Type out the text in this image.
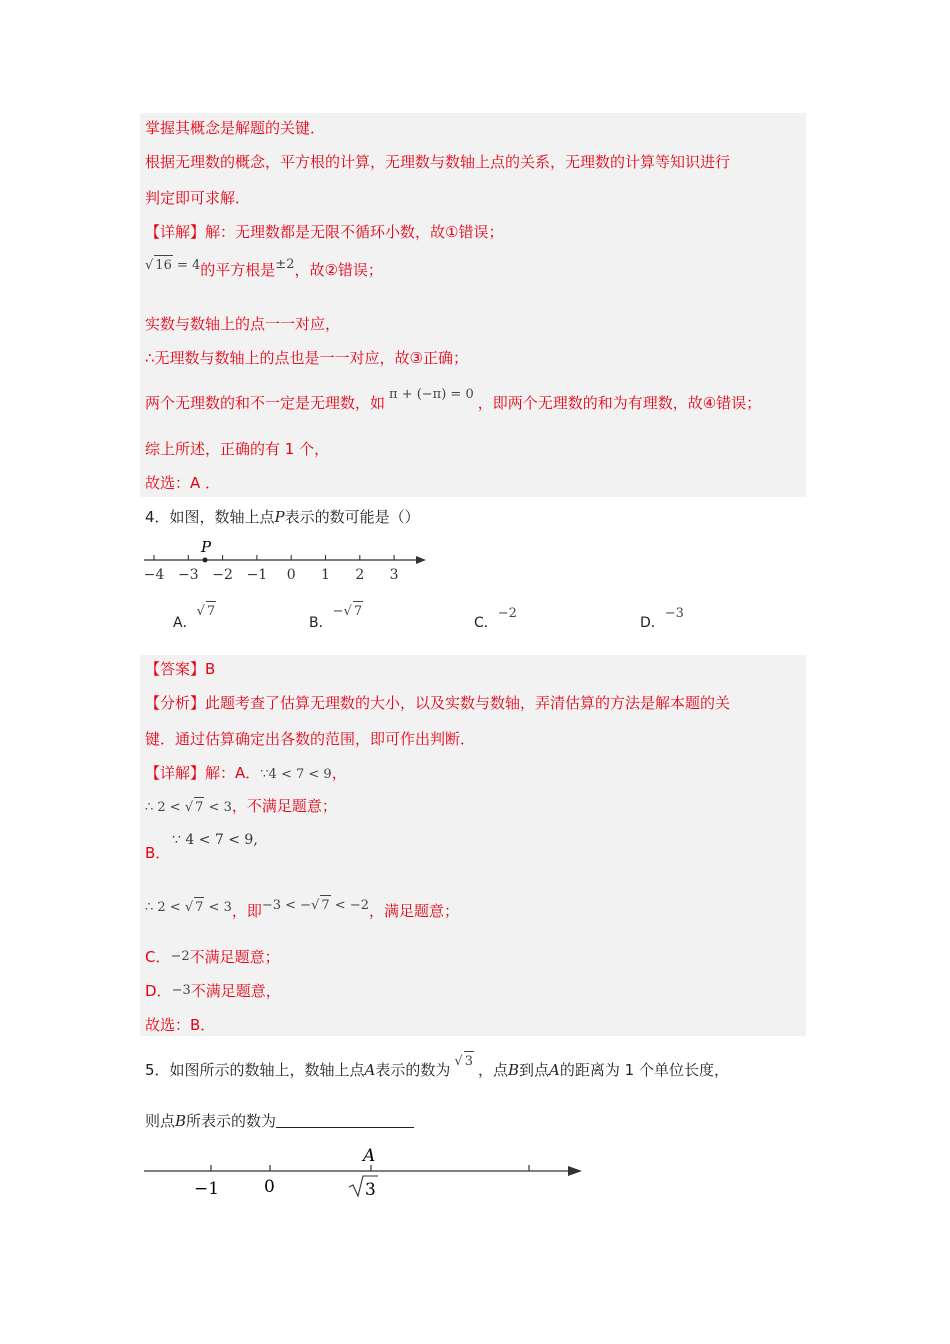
掌握其概念是解题的关键．
根据无理数的概念，平方根的计算，无理数与数轴上点的关系，无理数的计算等知识进行
判定即可求解．
【详解】解：无理数都是无限不循环小数，故①错误；
√ 16 = 4的平方根是±2，故②错误；
实数与数轴上的点一一对应，
∴无理数与数轴上的点也是一一对应，故③正确；
两个无理数的和不一定是无理数，如 π + (−π) = 0 ，即两个无理数的和为有理数，故④错误；
综上所述，正确的有 1 个，
故选：A ．
4．如图，数轴上点P表示的数可能是（）
−4 −3 −2 −1 0 1 2 3
P
A．√ 7
B．−√ 7
C．−2
D．−3
【答案】B
【分析】此题考查了估算无理数的大小，以及实数与数轴，弄清估算的方法是解本题的关
键．通过估算确定出各数的范围，即可作出判断．
【详解】解：A．∵4 < 7 < 9，
∴ 2 < √ 7 < 3，不满足题意；
∵ 4 < 7 < 9,
B．
∴ 2 < √ 7 < 3，即−3 < −√ 7 < −2，满足题意；
C．−2不满足题意；
D．−3不满足题意，
故选：B．
5．如图所示的数轴上，数轴上点A表示的数为 √ 3 ，点B到点A的距离为 1 个单位长度，
则点B所表示的数为
−1	0
A
3
